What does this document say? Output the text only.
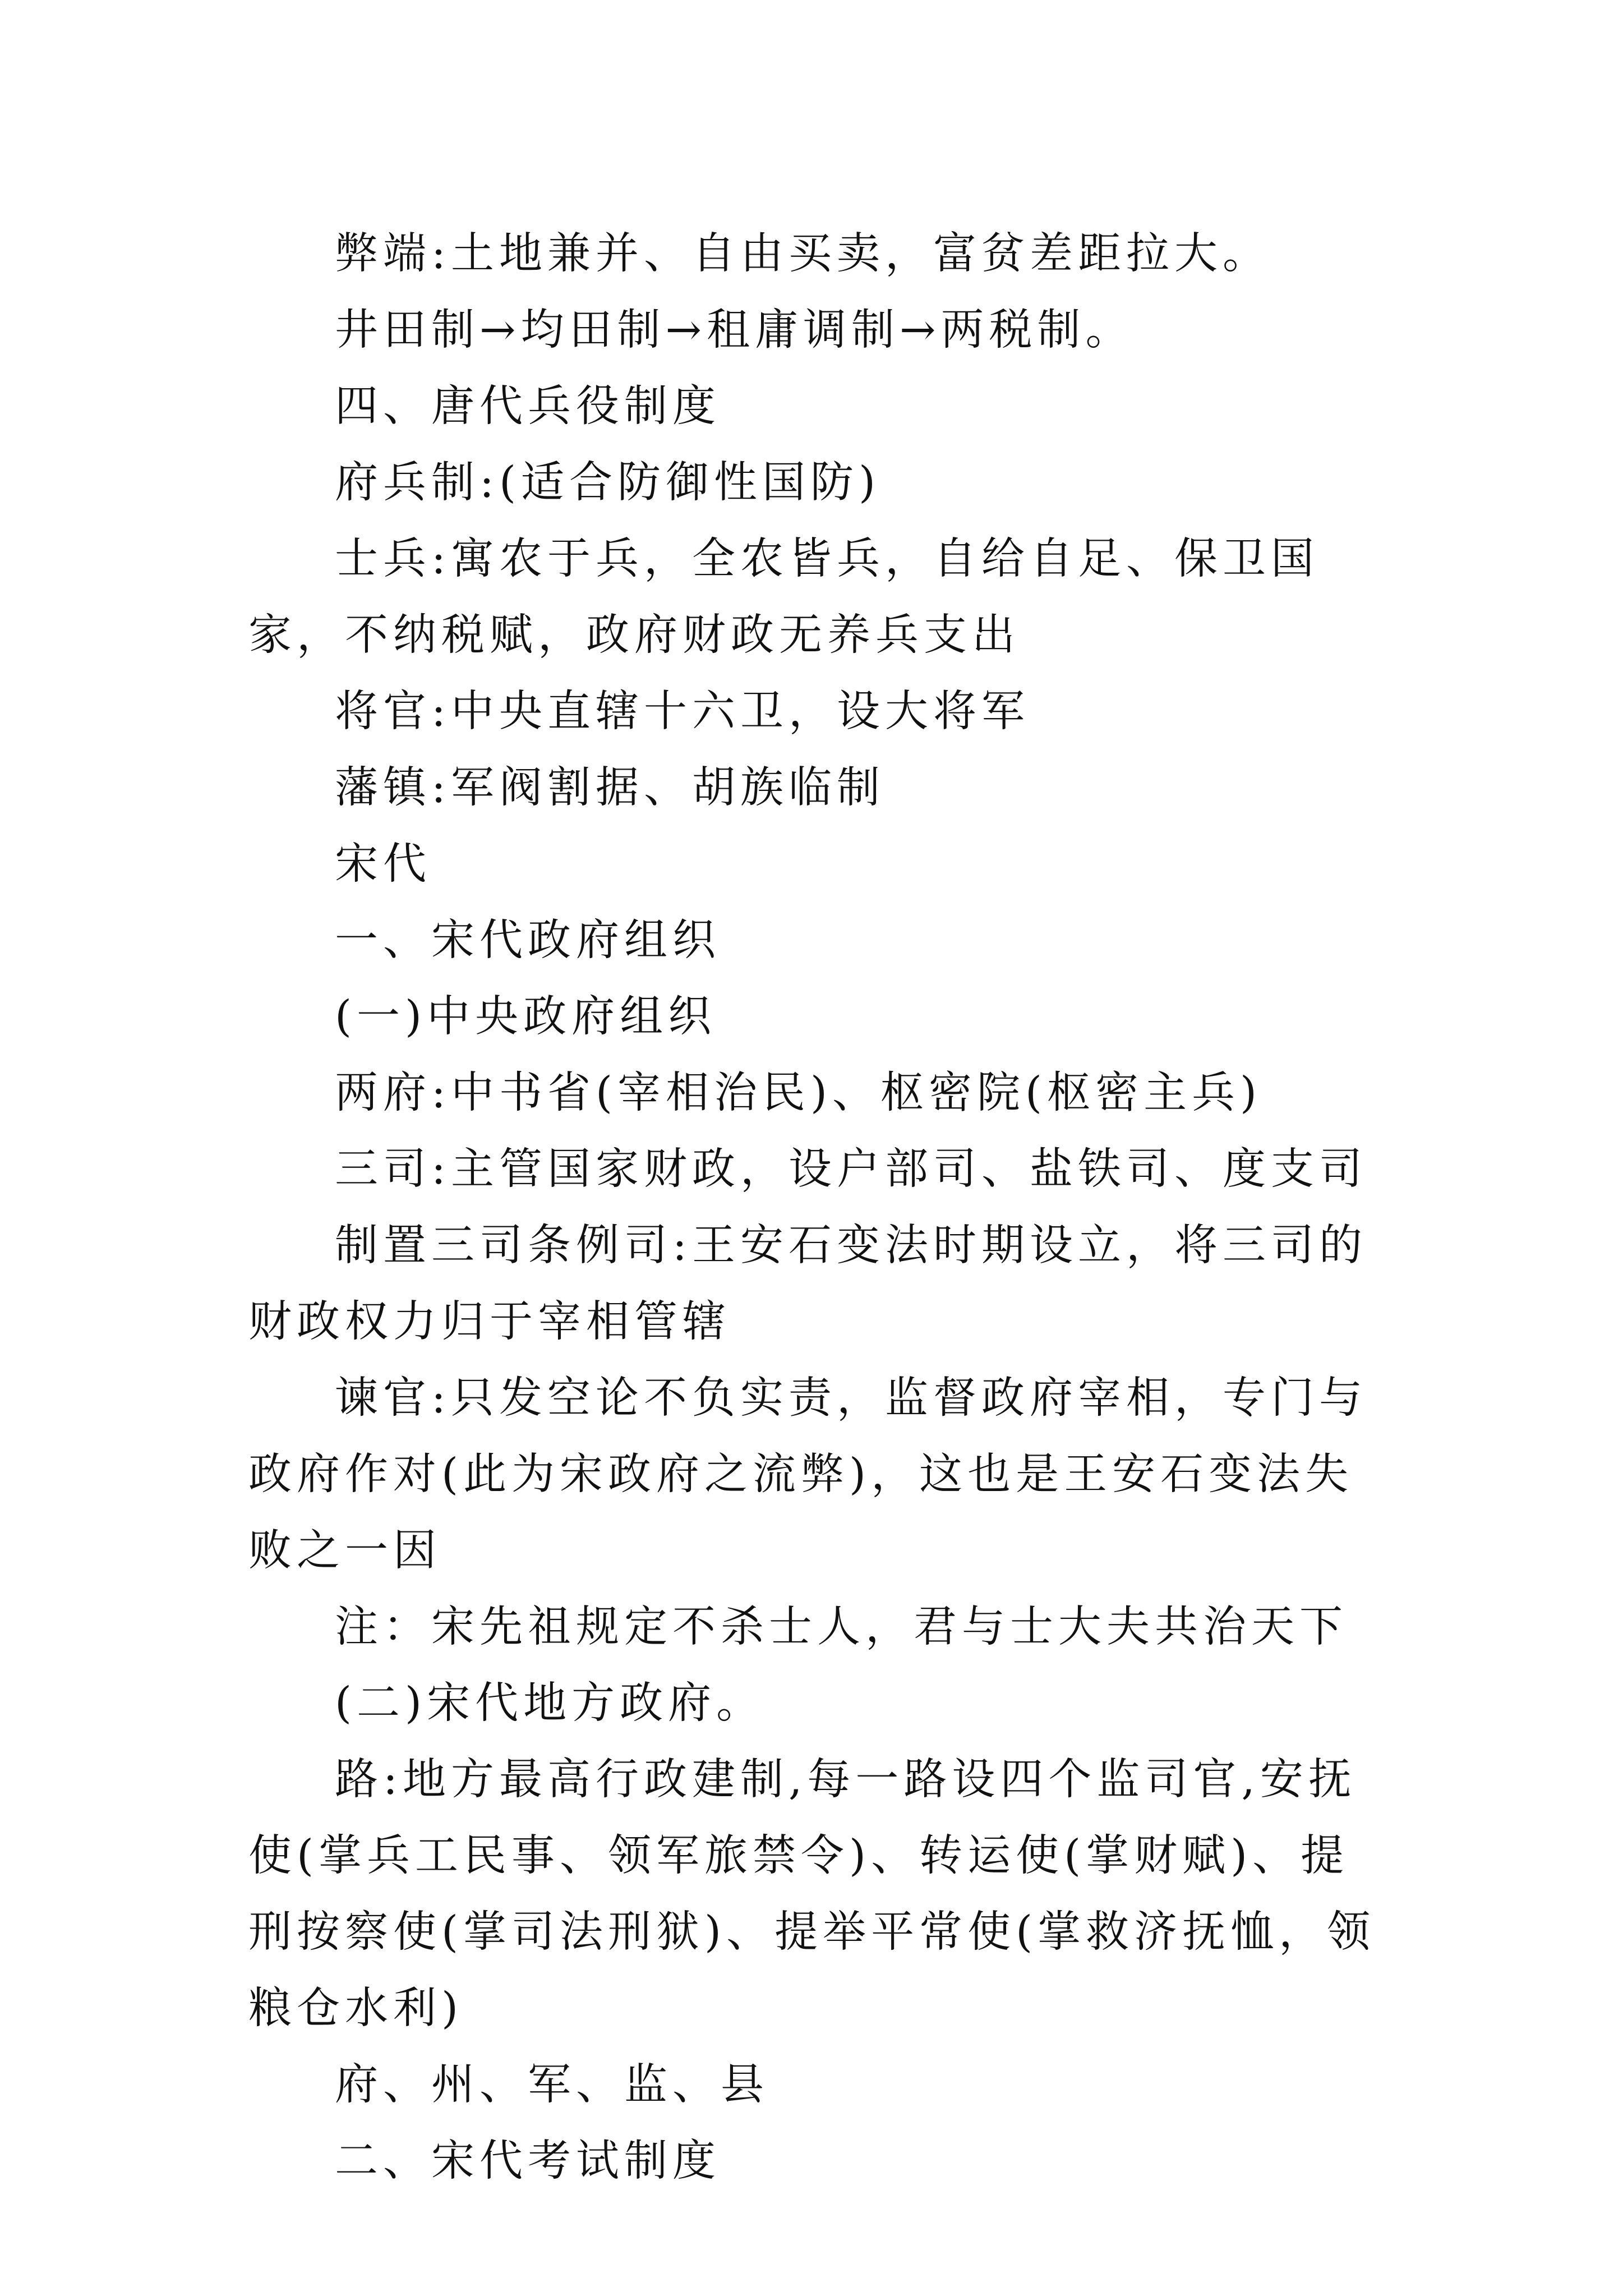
弊端:土地兼并、自由买卖，富贫差距拉大。

井田制→均田制→租庸调制→两税制。

四、唐代兵役制度

府兵制:(适合防御性国防)

士兵:寓农于兵，全农皆兵，自给自足、保卫国家，不纳税赋，政府财政无养兵支出

将官:中央直辖十六卫，设大将军

藩镇:军阀割据、胡族临制

宋代

一、宋代政府组织

(一)中央政府组织

两府:中书省(宰相治民)、枢密院(枢密主兵)

三司:主管国家财政，设户部司、盐铁司、度支司

制置三司条例司:王安石变法时期设立，将三司的财政权力归于宰相管辖

谏官:只发空论不负实责，监督政府宰相，专门与政府作对(此为宋政府之流弊)，这也是王安石变法失败之一因

注：宋先祖规定不杀士人，君与士大夫共治天下

(二)宋代地方政府。

路:地方最高行政建制,每一路设四个监司官,安抚使(掌兵工民事、领军旅禁令)、转运使(掌财赋)、提刑按察使(掌司法刑狱)、提举平常使(掌救济抚恤，领粮仓水利)

府、州、军、监、县

二、宋代考试制度
